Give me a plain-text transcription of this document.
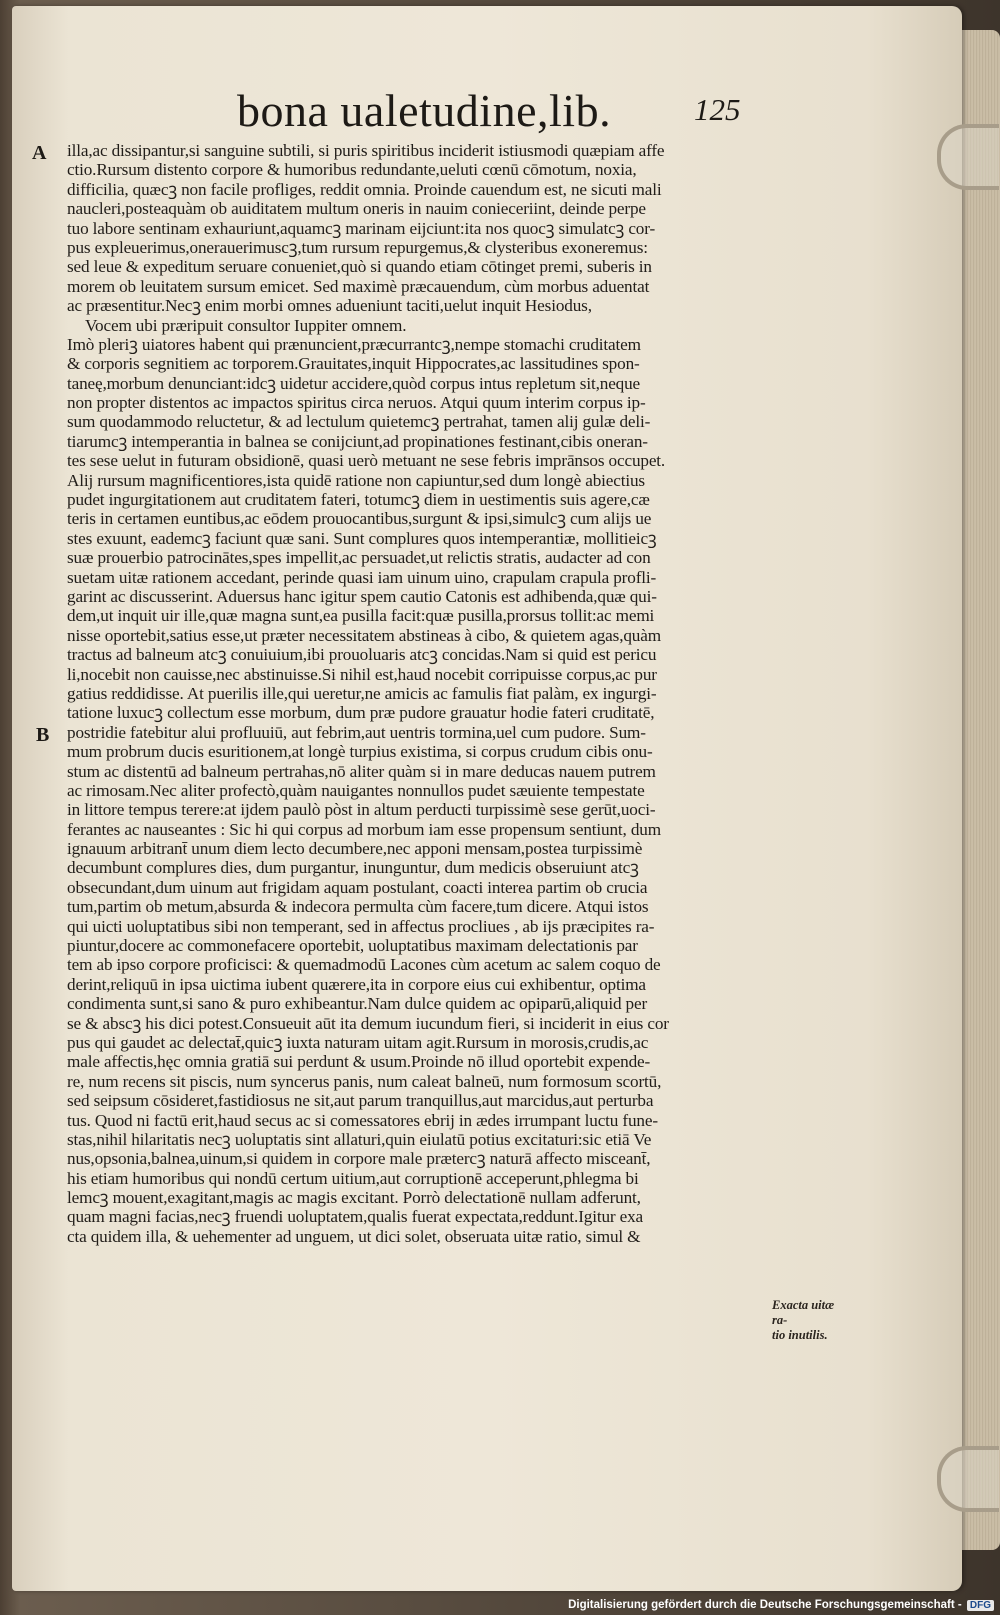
bona ualetudine,lib.	125
A
B
illa,ac dissipantur,si sanguine subtili, si puris spiritibus inciderit istiusmodi quæpiam affe
ctio.Rursum distento corpore & humoribus redundante,ueluti cœnū cōmotum, noxia,
difficilia, quæcꝫ non facile profliges, reddit omnia. Proinde cauendum est, ne sicuti mali
naucleri,posteaquàm ob auiditatem multum oneris in nauim conieceriint, deinde perpe
tuo labore sentinam exhauriunt,aquamcꝫ marinam eijciunt:ita nos quocꝫ simulatcꝫ cor-
pus expleuerimus,onerauerimuscꝫ,tum rursum repurgemus,& clysteribus exoneremus:
sed leue & expeditum seruare conueniet,quò si quando etiam cōtinget premi, suberis in
morem ob leuitatem sursum emicet. Sed maximè præcauendum, cùm morbus aduentat
ac præsentitur.Necꝫ enim morbi omnes adueniunt taciti,uelut inquit Hesiodus,
Vocem ubi præripuit consultor Iuppiter omnem.
Imò pleriꝫ uiatores habent qui prænuncient,præcurrantcꝫ,nempe stomachi cruditatem
& corporis segnitiem ac torporem.Grauitates,inquit Hippocrates,ac lassitudines spon-
taneę,morbum denunciant:idcꝫ uidetur accidere,quòd corpus intus repletum sit,neque
non propter distentos ac impactos spiritus circa neruos. Atqui quum interim corpus ip-
sum quodammodo reluctetur, & ad lectulum quietemcꝫ pertrahat, tamen alij gulæ deli-
tiarumcꝫ intemperantia in balnea se conijciunt,ad propinationes festinant,cibis oneran-
tes sese uelut in futuram obsidionē, quasi uerò metuant ne sese febris imprānsos occupet.
Alij rursum magnificentiores,ista quidē ratione non capiuntur,sed dum longè abiectius
pudet ingurgitationem aut cruditatem fateri, totumcꝫ diem in uestimentis suis agere,cæ
teris in certamen euntibus,ac eōdem prouocantibus,surgunt & ipsi,simulcꝫ cum alijs ue
stes exuunt, eademcꝫ faciunt quæ sani. Sunt complures quos intemperantiæ, mollitieicꝫ
suæ prouerbio patrocinātes,spes impellit,ac persuadet,ut relictis stratis, audacter ad con
suetam uitæ rationem accedant, perinde quasi iam uinum uino, crapulam crapula profli-
garint ac discusserint. Aduersus hanc igitur spem cautio Catonis est adhibenda,quæ qui-
dem,ut inquit uir ille,quæ magna sunt,ea pusilla facit:quæ pusilla,prorsus tollit:ac memi
nisse oportebit,satius esse,ut præter necessitatem abstineas à cibo, & quietem agas,quàm
tractus ad balneum atcꝫ conuiuium,ibi prouoluaris atcꝫ concidas.Nam si quid est pericu
li,nocebit non cauisse,nec abstinuisse.Si nihil est,haud nocebit corripuisse corpus,ac pur
gatius reddidisse. At puerilis ille,qui ueretur,ne amicis ac famulis fiat palàm, ex ingurgi-
tatione luxucꝫ collectum esse morbum, dum præ pudore grauatur hodie fateri cruditatē,
postridie fatebitur alui profluuiū, aut febrim,aut uentris tormina,uel cum pudore. Sum-
mum probrum ducis esuritionem,at longè turpius existima, si corpus crudum cibis onu-
stum ac distentū ad balneum pertrahas,nō aliter quàm si in mare deducas nauem putrem
ac rimosam.Nec aliter profectò,quàm nauigantes nonnullos pudet sæuiente tempestate
in littore tempus terere:at ijdem paulò pòst in altum perducti turpissimè sese gerūt,uoci-
ferantes ac nauseantes : Sic hi qui corpus ad morbum iam esse propensum sentiunt, dum
ignauum arbitrant̄ unum diem lecto decumbere,nec apponi mensam,postea turpissimè
decumbunt complures dies, dum purgantur, inunguntur, dum medicis obseruiunt atcꝫ
obsecundant,dum uinum aut frigidam aquam postulant, coacti interea partim ob crucia
tum,partim ob metum,absurda & indecora permulta cùm facere,tum dicere. Atqui istos
qui uicti uoluptatibus sibi non temperant, sed in affectus procliues , ab ijs præcipites ra-
piuntur,docere ac commonefacere oportebit, uoluptatibus maximam delectationis par
tem ab ipso corpore proficisci: & quemadmodū Lacones cùm acetum ac salem coquo de
derint,reliquū in ipsa uictima iubent quærere,ita in corpore eius cui exhibentur, optima
condimenta sunt,si sano & puro exhibeantur.Nam dulce quidem ac opiparū,aliquid per
se & abscꝫ his dici potest.Consueuit aūt ita demum iucundum fieri, si inciderit in eius cor
pus qui gaudet ac delectat̄,quicꝫ iuxta naturam uitam agit.Rursum in morosis,crudis,ac
male affectis,hęc omnia gratiā sui perdunt & usum.Proinde nō illud oportebit expende-
re, num recens sit piscis, num syncerus panis, num caleat balneū, num formosum scortū,
sed seipsum cōsideret,fastidiosus ne sit,aut parum tranquillus,aut marcidus,aut perturba
tus. Quod ni factū erit,haud secus ac si comessatores ebrij in ædes irrumpant luctu fune-
stas,nihil hilaritatis necꝫ uoluptatis sint allaturi,quin eiulatū potius excitaturi:sic etiā Ve
nus,opsonia,balnea,uinum,si quidem in corpore male prætercꝫ naturā affecto misceant̄,
his etiam humoribus qui nondū certum uitium,aut corruptionē acceperunt,phlegma bi
lemcꝫ mouent,exagitant,magis ac magis excitant. Porrò delectationē nullam adferunt,
quam magni facias,necꝫ fruendi uoluptatem,qualis fuerat expectata,reddunt.Igitur exa
cta quidem illa, & uehementer ad unguem, ut dici solet, obseruata uitæ ratio, simul &

Exacta uitæ ra-
tio inutilis.
Digitalisierung gefördert durch die Deutsche Forschungsgemeinschaft - DFG
